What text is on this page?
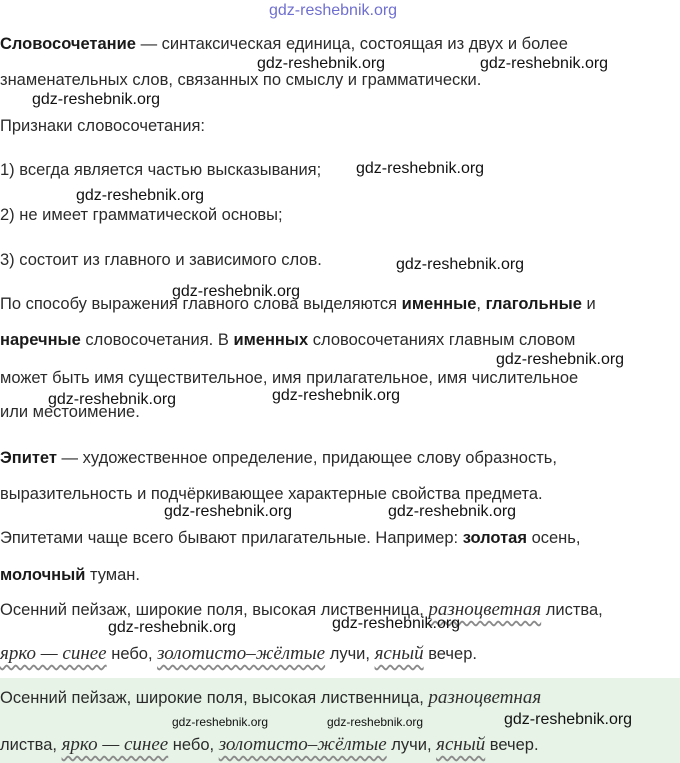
gdz-reshebnik.org
Словосочетание — синтаксическая единица, состоящая из двух и более
знаменательных слов, связанных по смыслу и грамматически.
Признаки словосочетания:
1) всегда является частью высказывания;
2) не имеет грамматической основы;
3) состоит из главного и зависимого слов.
По способу выражения главного слова выделяются именные, глагольные и
наречные словосочетания. В именных словосочетаниях главным словом
может быть имя существительное, имя прилагательное, имя числительное
или местоимение.
Эпитет — художественное определение, придающее слову образность,
выразительность и подчёркивающее характерные свойства предмета.
Эпитетами чаще всего бывают прилагательные. Например: золотая осень,
молочный туман.
Осенний пейзаж, широкие поля, высокая лиственница, разноцветная листва,
ярко — синее небо, золотисто–жёлтые лучи, ясный вечер.
Осенний пейзаж, широкие поля, высокая лиственница, разноцветная
листва, ярко — синее небо, золотисто–жёлтые лучи, ясный вечер.
gdz-reshebnik.org	gdz-reshebnik.org
gdz-reshebnik.org
gdz-reshebnik.org
gdz-reshebnik.org
gdz-reshebnik.org
gdz-reshebnik.org
gdz-reshebnik.org
gdz-reshebnik.org	gdz-reshebnik.org
gdz-reshebnik.org	gdz-reshebnik.org
gdz-reshebnik.org
gdz-reshebnik.org
gdz-reshebnik.org	gdz-reshebnik.org	gdz-reshebnik.org
